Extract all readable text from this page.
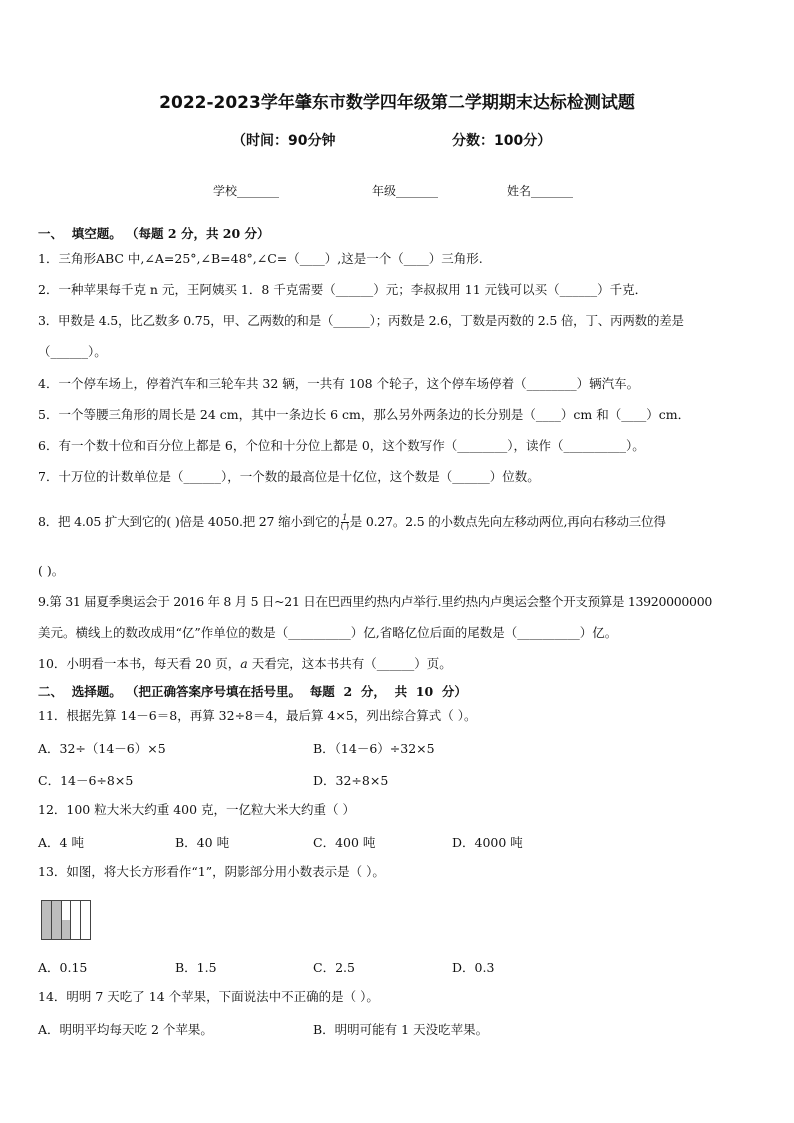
2022-2023学年肇东市数学四年级第二学期期末达标检测试题
（时间：90分钟	分数：100分）
学校_______	年级_______	姓名_______
一、  填空题。 （每题 2 分，共 20 分）
1．三角形ABC 中,∠A=25°,∠B=48°,∠C=（____）,这是一个（____）三角形.
2．一种苹果每千克 n 元，王阿姨买 1．8 千克需要（______）元；李叔叔用 11 元钱可以买（______）千克．
3．甲数是 4.5，比乙数多 0.75，甲、乙两数的和是（______）；丙数是 2.6，丁数是丙数的 2.5 倍，丁、丙两数的差是
（______）。
4．一个停车场上，停着汽车和三轮车共 32 辆，一共有 108 个轮子，这个停车场停着（________）辆汽车。
5．一个等腰三角形的周长是 24 cm，其中一条边长 6 cm，那么另外两条边的长分别是（____）cm 和（____）cm．
6．有一个数十位和百分位上都是 6，个位和十分位上都是 0，这个数写作（________），读作（__________）。
7．十万位的计数单位是（______），一个数的最高位是十亿位，这个数是（______）位数。
8．把 4.05 扩大到它的( )倍是 4050.把 27 缩小到它的 $\frac{1}{( )}$ 是 0.27。2.5 的小数点先向左移动两位,再向右移动三位得
( )。
9.第 31 届夏季奥运会于 2016 年 8 月 5 日~21 日在巴西里约热内卢举行.里约热内卢奥运会整个开支预算是 13920000000
美元。横线上的数改成用“亿”作单位的数是（__________）亿,省略亿位后面的尾数是（__________）亿。
10．小明看一本书，每天看 20 页，a 天看完，这本书共有（______）页。
二、  选择题。 （把正确答案序号填在括号里。  每题  2  分，  共  10  分）
11．根据先算 14－6＝8，再算 32÷8＝4，最后算 4×5，列出综合算式（ ）。
A．32÷（14－6）×5	B．（14－6）÷32×5
C．14－6÷8×5	D．32÷8×5
12．100 粒大米大约重 400 克，一亿粒大米大约重（ ）
A．4 吨	B．40 吨	C．400 吨	D．4000 吨
13．如图，将大长方形看作“1”，阴影部分用小数表示是（ ）。
A．0.15	B．1.5	C．2.5	D．0.3
14．明明 7 天吃了 14 个苹果，下面说法中不正确的是（ ）。
A．明明平均每天吃 2 个苹果。	B．明明可能有 1 天没吃苹果。
